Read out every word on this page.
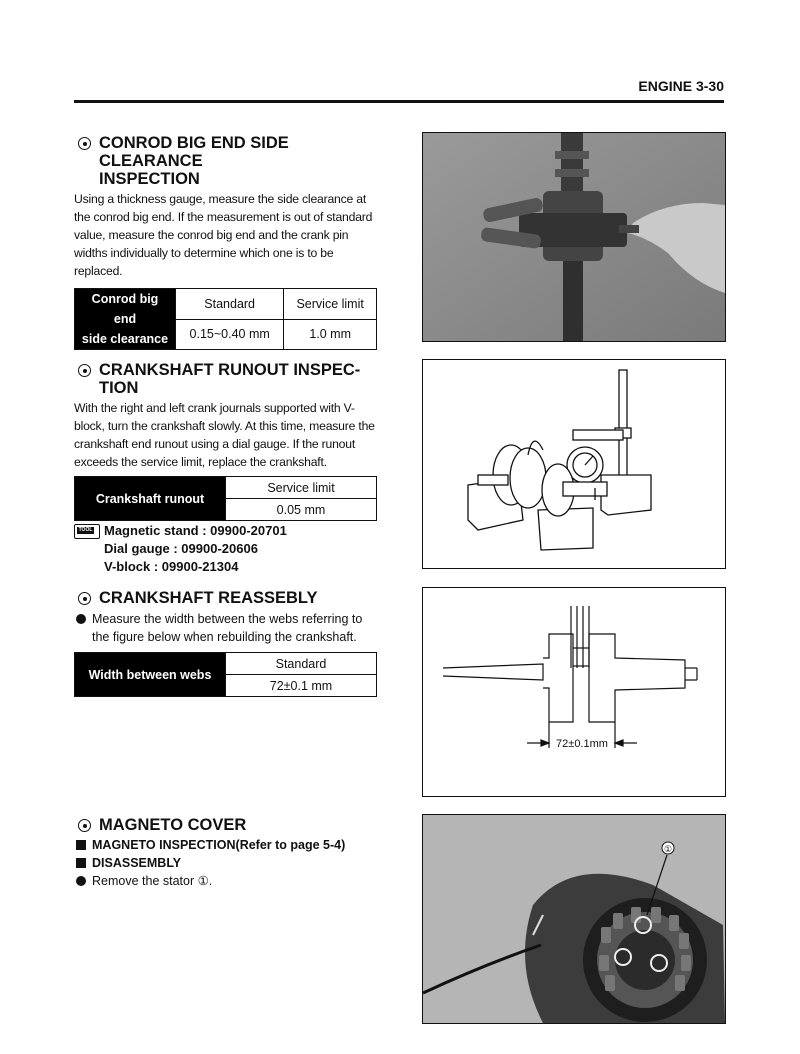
ENGINE 3-30
CONROD BIG END SIDE CLEARANCE
INSPECTION
Using a thickness gauge, measure the side clearance at the conrod big end. If the measurement is out of standard value, measure the conrod big end and the crank pin widths individually to determine which one is to be replaced.
Conrod big end
side clearance	Standard	Service limit
	0.15~0.40 mm	1.0 mm
CRANKSHAFT RUNOUT INSPEC-
TION
With the right and left crank journals supported with V-block, turn the crankshaft slowly. At this time, measure the crankshaft end runout using a dial gauge. If the runout exceeds the service limit, replace the crankshaft.
Crankshaft runout	Service limit
0.05 mm
TOOL
Magnetic stand : 09900-20701
Dial gauge : 09900-20606
V-block : 09900-21304
CRANKSHAFT REASSEBLY
Measure the width between the webs referring to the figure below when rebuilding the crankshaft.
Width between webs	Standard
72±0.1 mm
72±0.1mm
MAGNETO COVER
MAGNETO INSPECTION(Refer to page 5-4)
DISASSEMBLY
Remove the stator ①.
①
